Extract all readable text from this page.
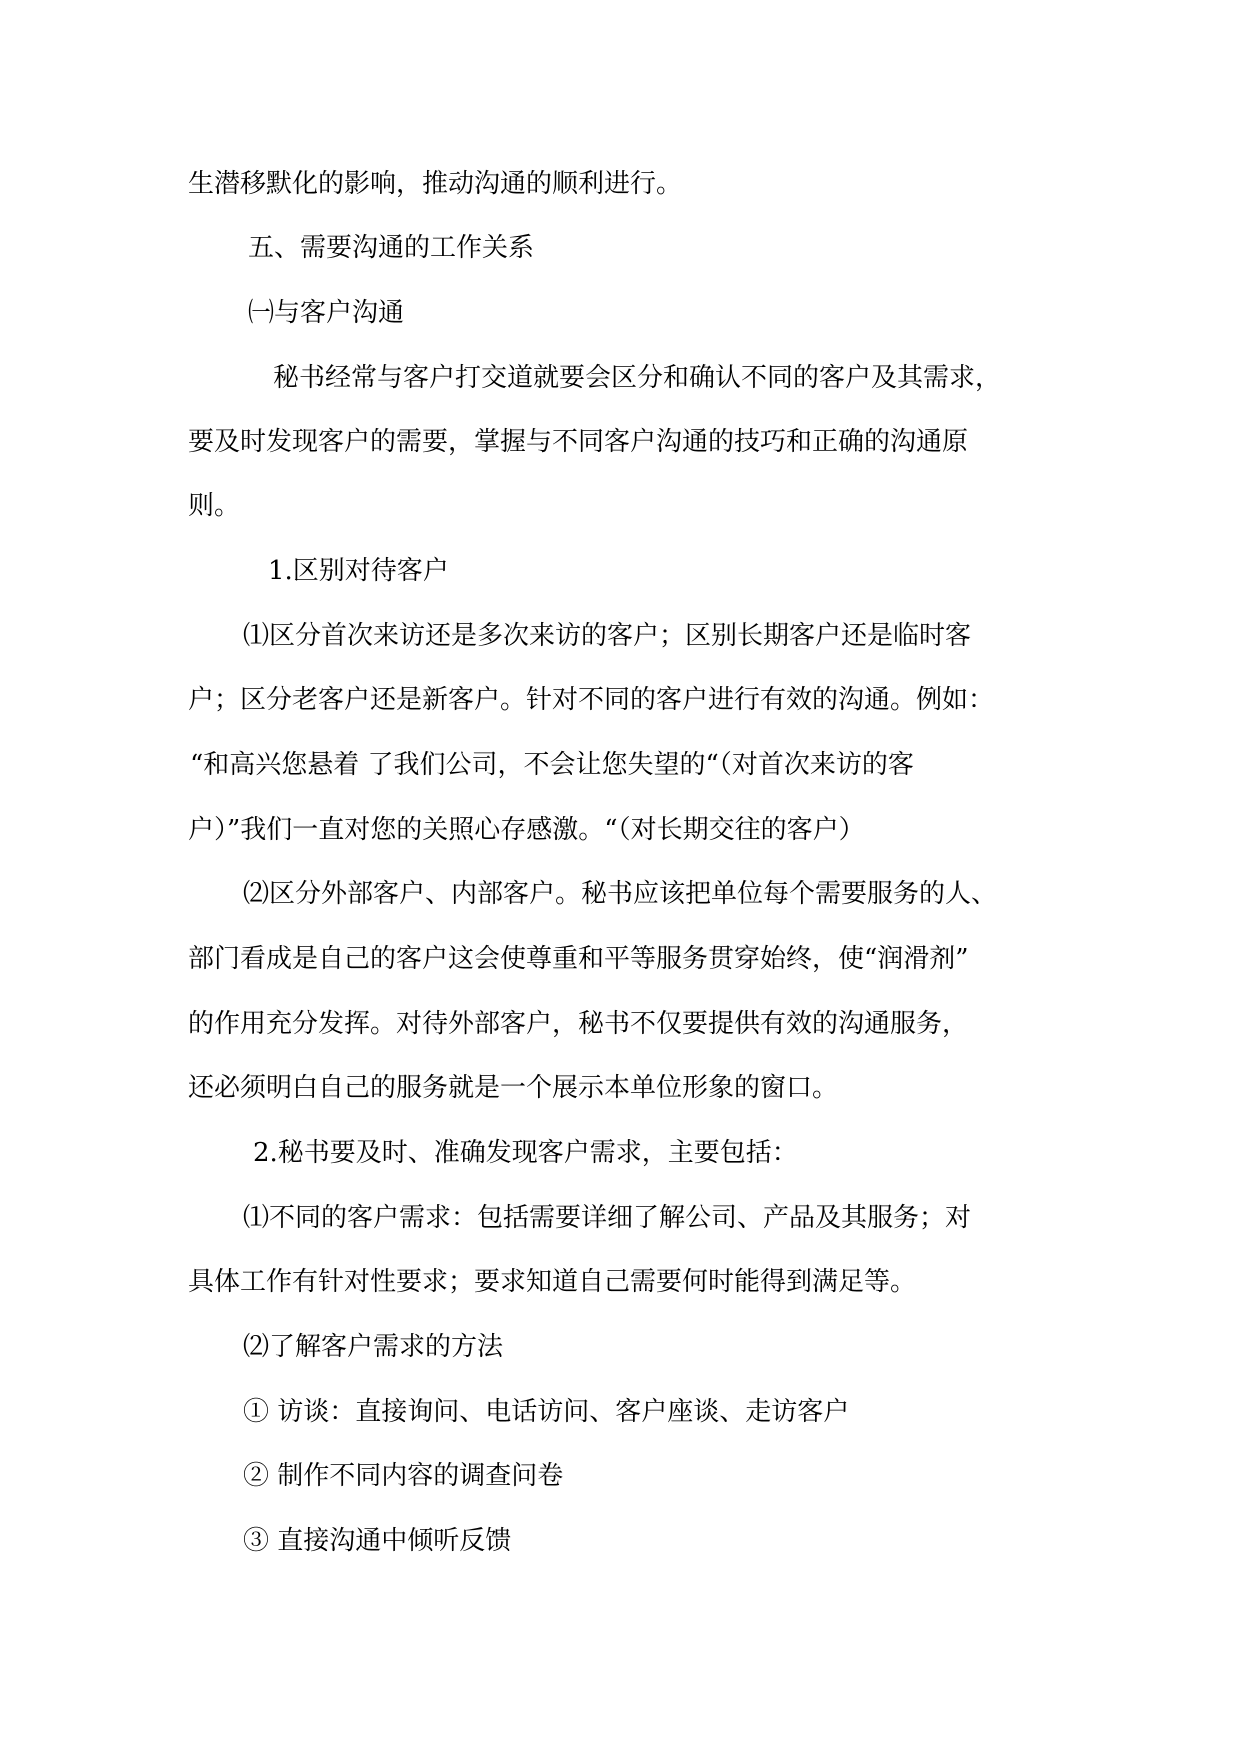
生潜移默化的影响，推动沟通的顺利进行。
五、需要沟通的工作关系
㈠与客户沟通
秘书经常与客户打交道就要会区分和确认不同的客户及其需求，
要及时发现客户的需要，掌握与不同客户沟通的技巧和正确的沟通原
则。
1.区别对待客户
⑴区分首次来访还是多次来访的客户；区别长期客户还是临时客
户；区分老客户还是新客户。针对不同的客户进行有效的沟通。例如：
“和高兴您悬着 了我们公司，不会让您失望的“（对首次来访的客
户）”我们一直对您的关照心存感激。“（对长期交往的客户）
⑵区分外部客户、内部客户。秘书应该把单位每个需要服务的人、
部门看成是自己的客户这会使尊重和平等服务贯穿始终，使“润滑剂”
的作用充分发挥。对待外部客户，秘书不仅要提供有效的沟通服务，
还必须明白自己的服务就是一个展示本单位形象的窗口。
2.秘书要及时、准确发现客户需求，主要包括：
⑴不同的客户需求：包括需要详细了解公司、产品及其服务；对
具体工作有针对性要求；要求知道自己需要何时能得到满足等。
⑵了解客户需求的方法
① 访谈：直接询问、电话访问、客户座谈、走访客户
② 制作不同内容的调查问卷
③ 直接沟通中倾听反馈
